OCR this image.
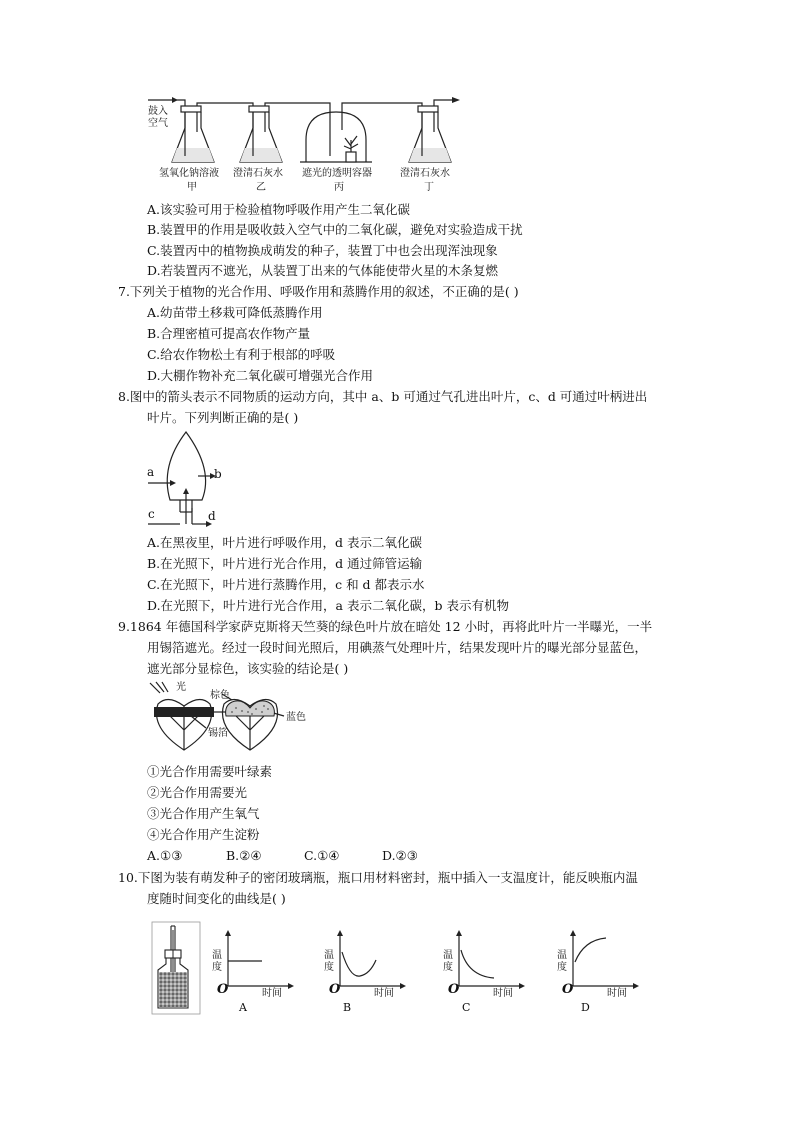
鼓入
空气
氢氧化钠溶液 澄清石灰水 遮光的透明容器	澄清石灰水
甲	乙	丙	丁
A.该实验可用于检验植物呼吸作用产生二氧化碳
B.装置甲的作用是吸收鼓入空气中的二氧化碳，避免对实验造成干扰
C.装置丙中的植物换成萌发的种子，装置丁中也会出现浑浊现象
D.若装置丙不遮光，从装置丁出来的气体能使带火星的木条复燃
7.下列关于植物的光合作用、呼吸作用和蒸腾作用的叙述，不正确的是( )
A.幼苗带土移栽可降低蒸腾作用
B.合理密植可提高农作物产量
C.给农作物松土有利于根部的呼吸
D.大棚作物补充二氧化碳可增强光合作用
8.图中的箭头表示不同物质的运动方向，其中 a、b 可通过气孔进出叶片，c、d 可通过叶柄进出
叶片。下列判断正确的是( )
a	b
c	d
A.在黑夜里，叶片进行呼吸作用，d 表示二氧化碳
B.在光照下，叶片进行光合作用，d 通过筛管运输
C.在光照下，叶片进行蒸腾作用，c 和 d 都表示水
D.在光照下，叶片进行光合作用，a 表示二氧化碳，b 表示有机物
9.1864 年德国科学家萨克斯将天竺葵的绿色叶片放在暗处 12 小时，再将此叶片一半曝光，一半
用锡箔遮光。经过一段时间光照后，用碘蒸气处理叶片，结果发现叶片的曝光部分显蓝色，
遮光部分显棕色，该实验的结论是( )
光
棕色
蓝色
锡箔
①光合作用需要叶绿素
②光合作用需要光
③光合作用产生氧气
④光合作用产生淀粉
A.①③	B.②④	C.①④	D.②③
10.下图为装有萌发种子的密闭玻璃瓶，瓶口用材料密封，瓶中插入一支温度计，能反映瓶内温
度随时间变化的曲线是( )
温
度
O	时间
A
温
度
O	时间
B
温
度
O	时间
C
温
度
O	时间
D
